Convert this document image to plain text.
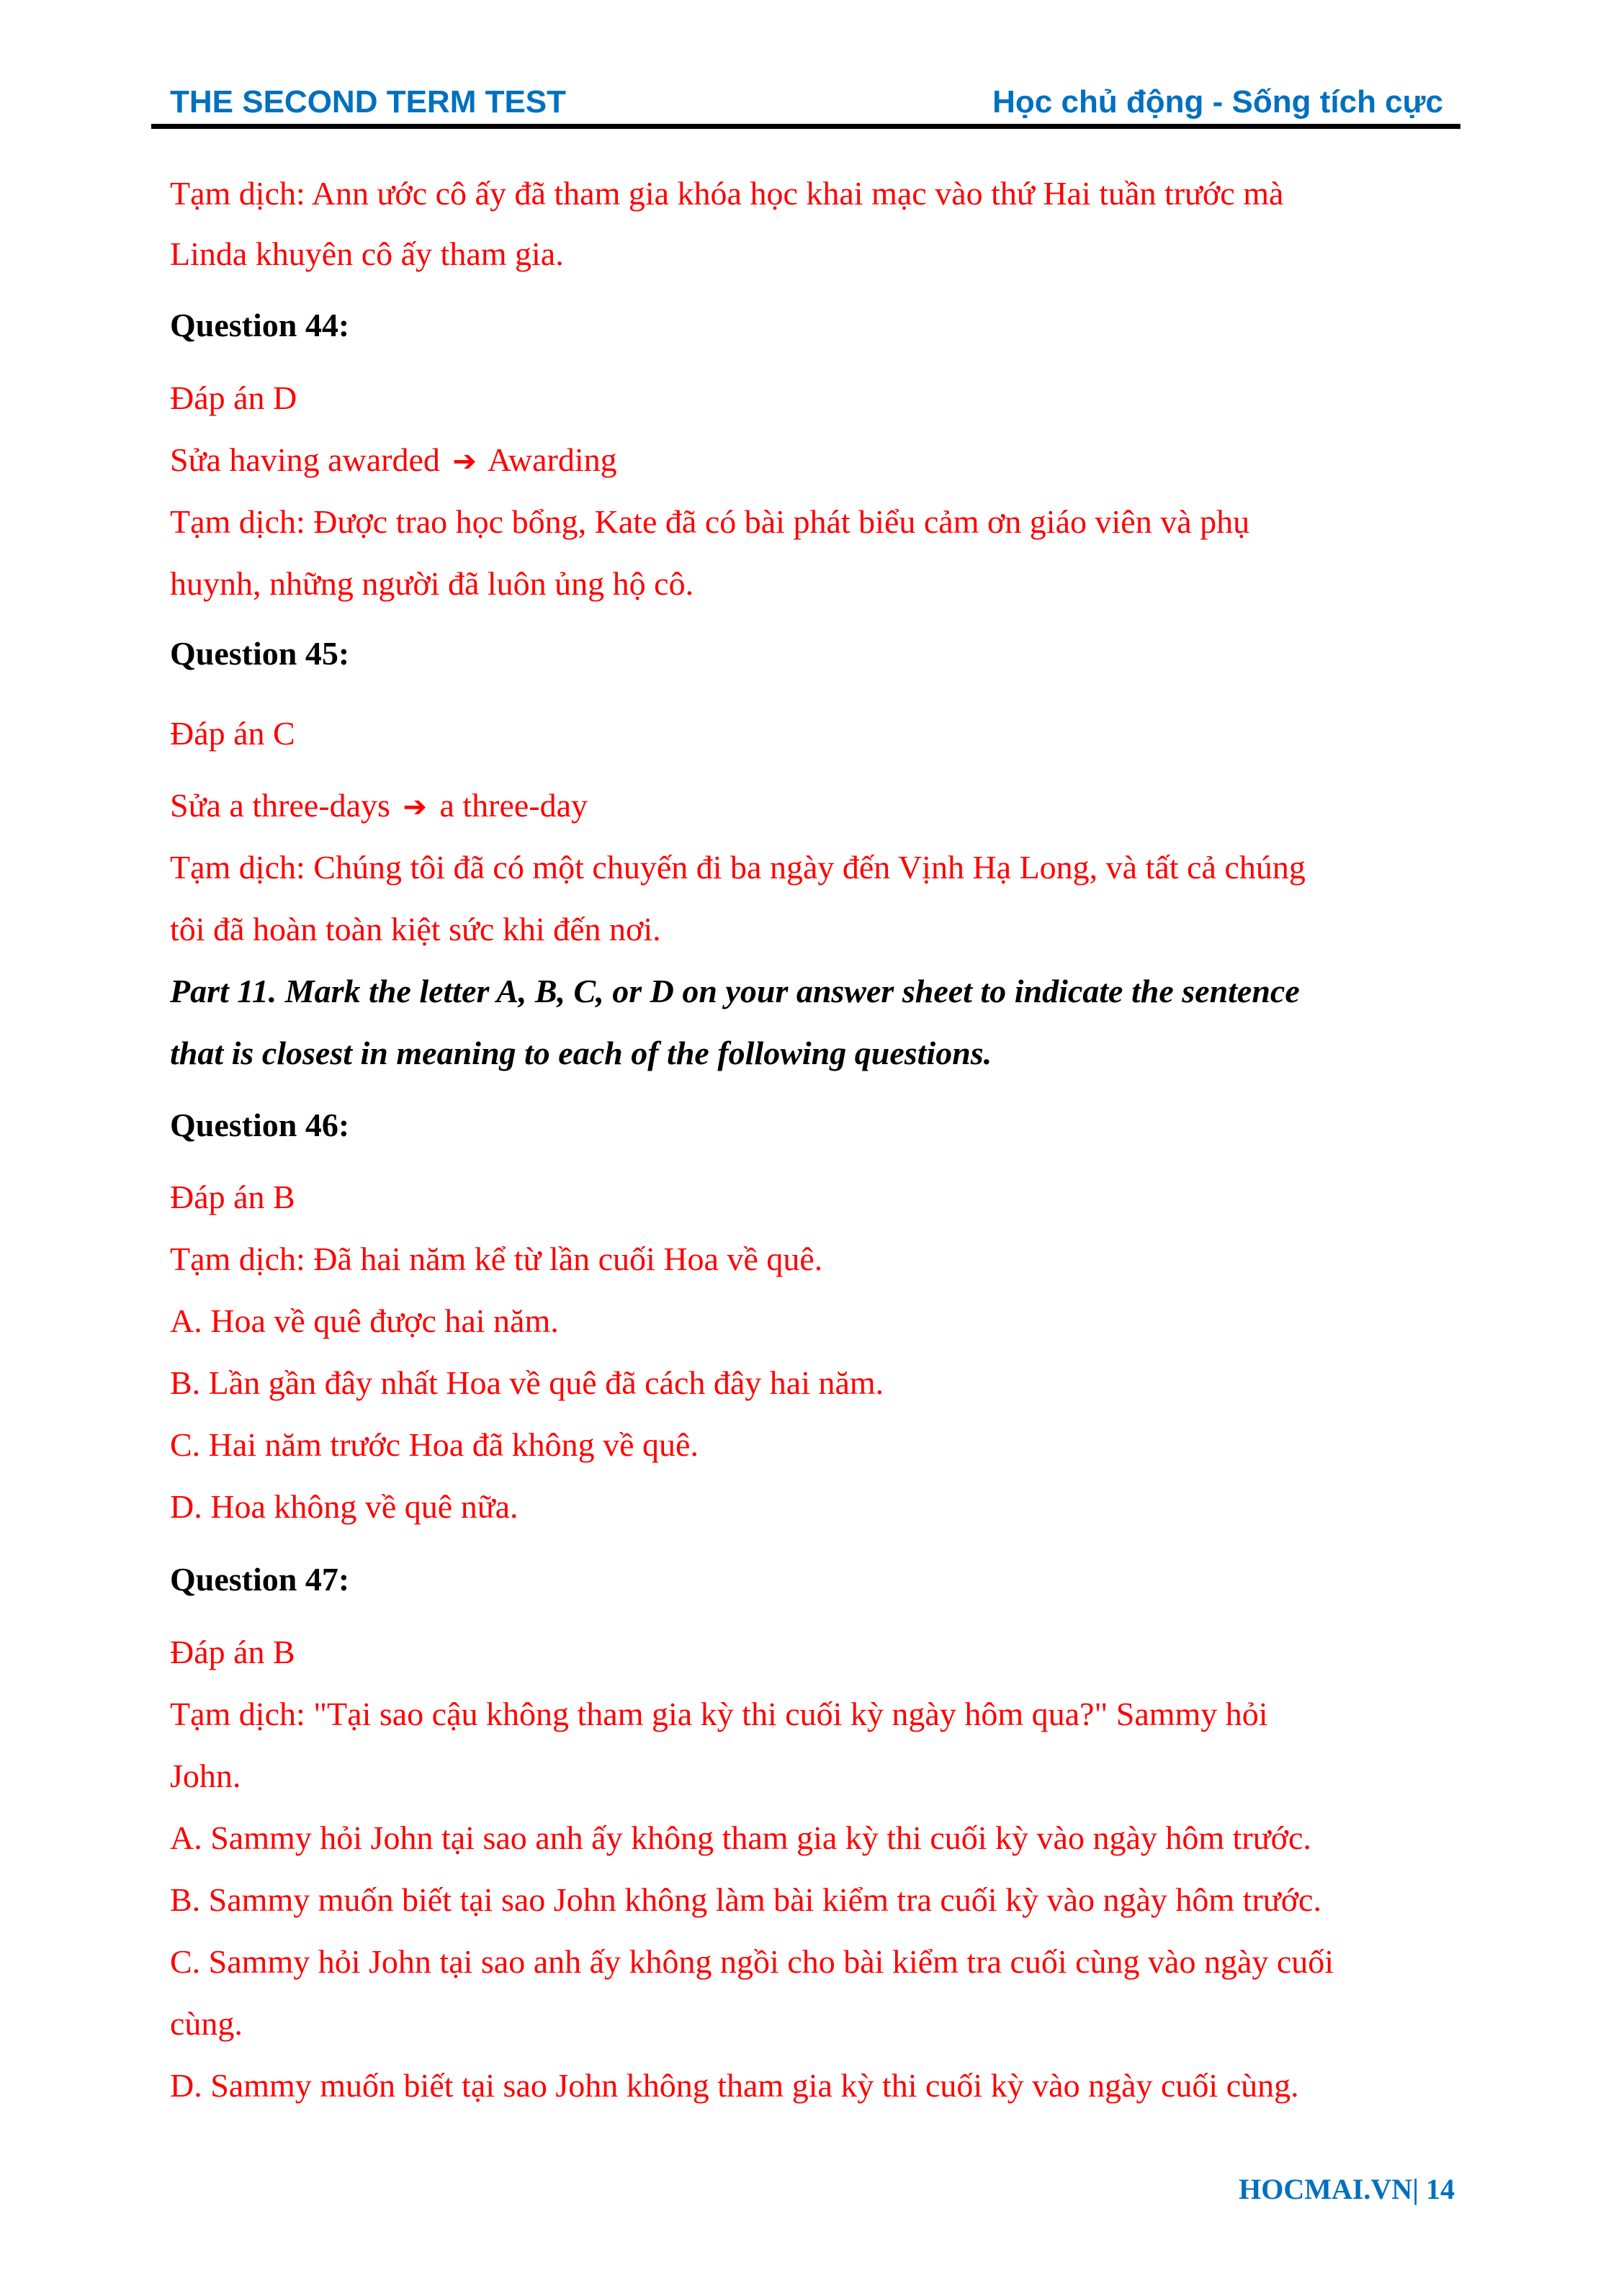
THE SECOND TERM TEST	Học chủ động - Sống tích cực
Tạm dịch: Ann ước cô ấy đã tham gia khóa học khai mạc vào thứ Hai tuần trước mà
Linda khuyên cô ấy tham gia.
Question 44:
Đáp án D
Sửa having awarded ➔ Awarding
Tạm dịch: Được trao học bổng, Kate đã có bài phát biểu cảm ơn giáo viên và phụ
huynh, những người đã luôn ủng hộ cô.
Question 45:
Đáp án C
Sửa a three-days ➔ a three-day
Tạm dịch: Chúng tôi đã có một chuyến đi ba ngày đến Vịnh Hạ Long, và tất cả chúng
tôi đã hoàn toàn kiệt sức khi đến nơi.
Part 11. Mark the letter A, B, C, or D on your answer sheet to indicate the sentence
that is closest in meaning to each of the following questions.
Question 46:
Đáp án B
Tạm dịch: Đã hai năm kể từ lần cuối Hoa về quê.
A. Hoa về quê được hai năm.
B. Lần gần đây nhất Hoa về quê đã cách đây hai năm.
C. Hai năm trước Hoa đã không về quê.
D. Hoa không về quê nữa.
Question 47:
Đáp án B
Tạm dịch: "Tại sao cậu không tham gia kỳ thi cuối kỳ ngày hôm qua?" Sammy hỏi
John.
A. Sammy hỏi John tại sao anh ấy không tham gia kỳ thi cuối kỳ vào ngày hôm trước.
B. Sammy muốn biết tại sao John không làm bài kiểm tra cuối kỳ vào ngày hôm trước.
C. Sammy hỏi John tại sao anh ấy không ngồi cho bài kiểm tra cuối cùng vào ngày cuối
cùng.
D. Sammy muốn biết tại sao John không tham gia kỳ thi cuối kỳ vào ngày cuối cùng.
HOCMAI.VN| 14
